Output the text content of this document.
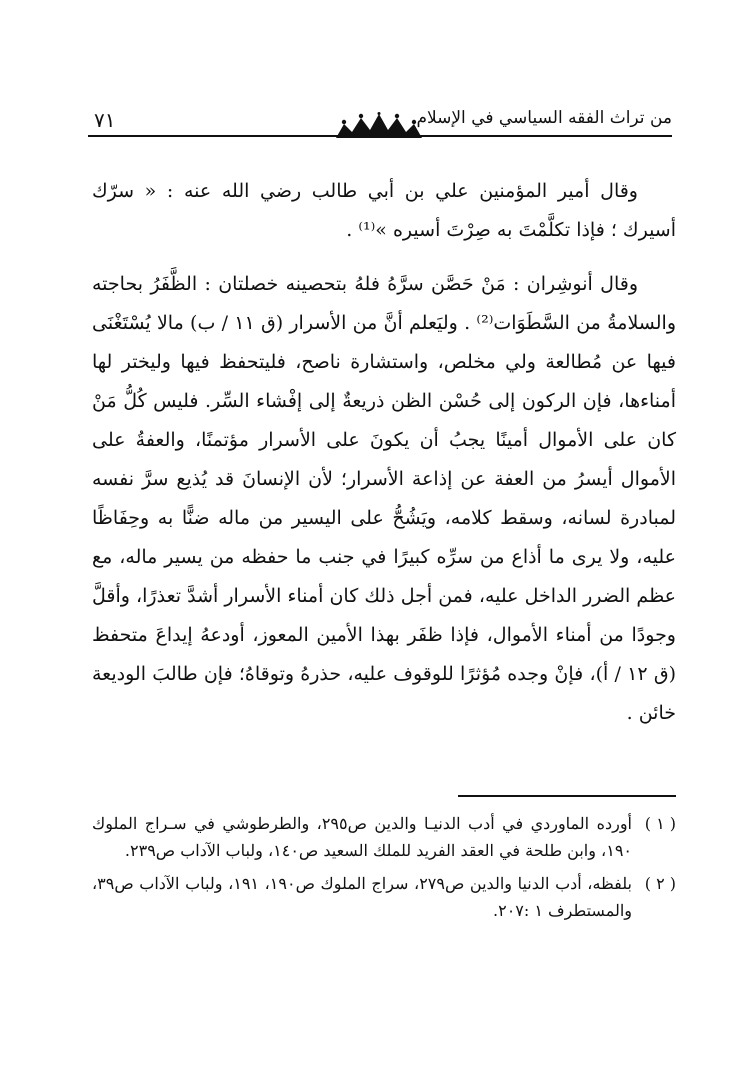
٧١	من تراث الفقه السياسي في الإسلام

وقال أمير المؤمنين علي بن أبي طالب رضي الله عنه : « سرّك أسيرك ؛ فإذا تكلَّمْتَ به صِرْتَ أسيره »⁽¹⁾ .

وقال أنوشِران : مَنْ حَصَّن سرَّهُ فلهُ بتحصينه خصلتان : الظَّفَرُ بحاجته والسلامةُ من السَّطَوَات⁽²⁾ . وليَعلم أنَّ من الأسرار (ق ١١ / ب) مالا يُسْتَغْنَى فيها عن مُطالعة ولي مخلص، واستشارة ناصح، فليتحفظ فيها وليختر لها أمناءها، فإن الركون إلى حُسْن الظن ذريعةٌ إلى إفْشاء السِّر. فليس كُلُّ مَنْ كان على الأموال أمينًا يجبُ أن يكونَ على الأسرار مؤتمنًا، والعفةُ على الأموال أيسرُ من العفة عن إذاعة الأسرار؛ لأن الإنسانَ قد يُذيع سرَّ نفسه لمبادرة لسانه، وسقط كلامه، ويَشُحُّ على اليسير من ماله ضنًّا به وحِفَاظًا عليه، ولا يرى ما أذاع من سرِّه كبيرًا في جنب ما حفظه من يسير ماله، مع عظم الضرر الداخل عليه، فمن أجل ذلك كان أمناء الأسرار أشدَّ تعذرًا، وأقلَّ وجودًا من أمناء الأموال، فإذا ظفَر بهذا الأمين المعوز، أودعهُ إيداعَ متحفظ (ق ١٢ / أ)، فإنْ وجده مُؤثرًا للوقوف عليه، حذرهُ وتوقاهُ؛ فإن طالبَ الوديعة خائن .

( ١ )
أورده الماوردي في أدب الدنيـا والدين ص٢٩٥، والطرطوشي في سـراج الملوك ١٩٠، وابن طلحة في العقد الفريد للملك السعيد ص١٤٠، ولباب الآداب ص٢٣٩.
( ٢ )
بلفظه، أدب الدنيا والدين ص٢٧٩، سراج الملوك ص١٩٠، ١٩١، ولباب الآداب ص٣٩، والمستطرف ١ :٢٠٧.
